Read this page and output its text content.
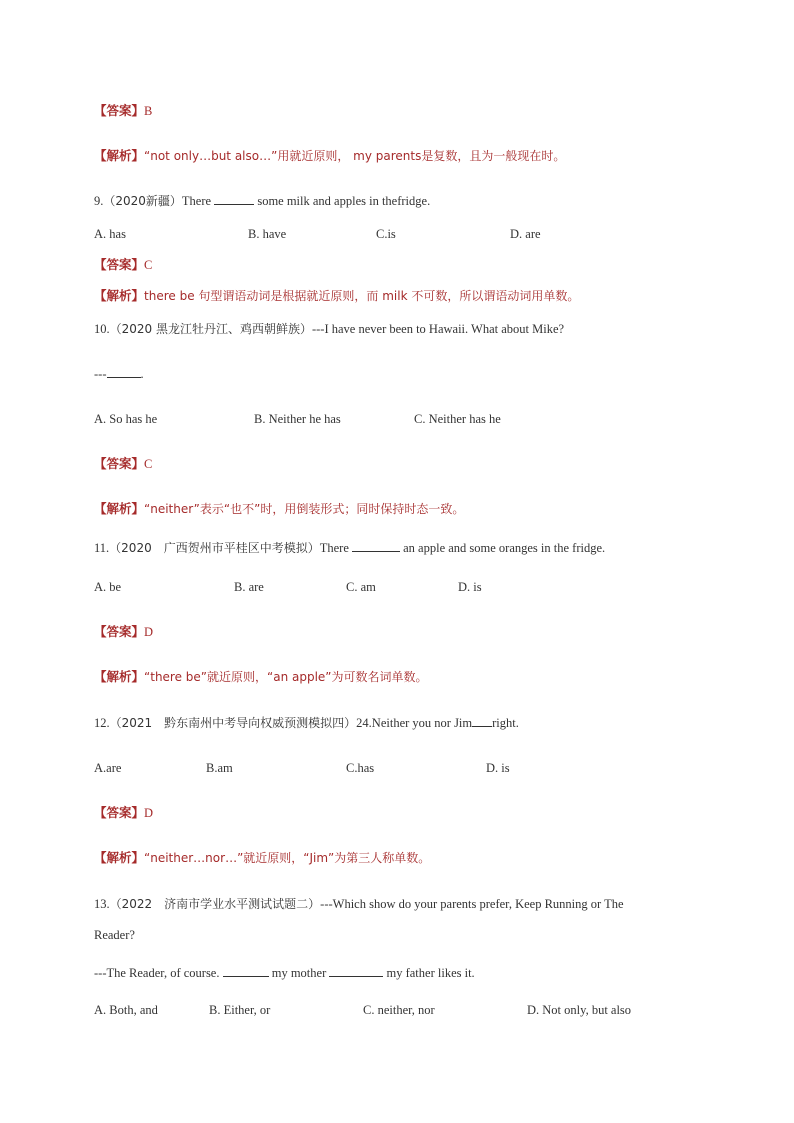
【答案】B
【解析】“not only…but also…”用就近原则， my parents是复数，且为一般现在时。
9.（2020新疆）There	some milk and apples in thefridge.
A. has	B. have	C.is	D. are
【答案】C
【解析】there be 句型谓语动词是根据就近原则，而 milk 不可数，所以谓语动词用单数。
10.（2020 黑龙江牡丹江、鸡西朝鲜族）---I have never been to Hawaii. What about Mike?
---	.
A. So has he	B. Neither he has	C. Neither has he
【答案】C
【解析】“neither”表示“也不”时，用倒装形式；同时保持时态一致。
11.（2020　广西贺州市平桂区中考模拟）There	an apple and some oranges in the fridge.
A. be	B. are	C. am	D. is
【答案】D
【解析】“there be”就近原则，“an apple”为可数名词单数。
12.（2021　黔东南州中考导向权威预测模拟四）24.Neither you nor Jim right.
A.are	B.am	C.has	D. is
【答案】D
【解析】“neither…nor…”就近原则，“Jim”为第三人称单数。
13.（2022　济南市学业水平测试试题二）---Which show do your parents prefer, Keep Running or The
Reader?
---The Reader, of course.	my mother	my father likes it.
A. Both, and	B. Either, or	C. neither, nor	D. Not only, but also
